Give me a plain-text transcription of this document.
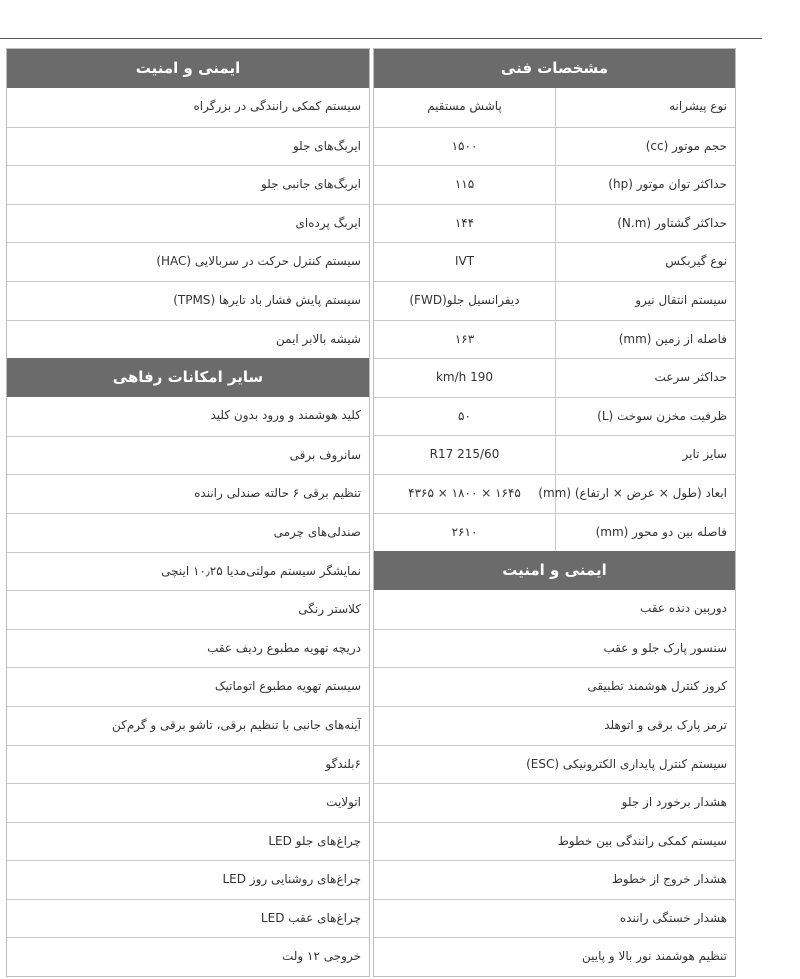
مشخصات فنی
نوع پیشرانه
پاشش مستقیم
حجم موتور (cc)
۱۵۰۰
حداکثر توان موتور (hp)
۱۱۵
حداکثر گشتاور (N.m)
۱۴۴
نوع گیربکس
IVT
سیستم انتقال نیرو
دیفرانسیل جلو(FWD)
فاصله از زمین (mm)
۱۶۳
حداکثر سرعت
190 km/h
ظرفیت مخزن سوخت (L)
۵۰
سایز تایر
215/60 R17
ابعاد (طول × عرض × ارتفاع) (mm)
۱۶۴۵ × ۱۸۰۰ × ۴۳۶۵
فاصله بین دو محور (mm)
۲۶۱۰
ایمنی و امنیت
دوربین دنده عقب
سنسور پارک جلو و عقب
کروز کنترل هوشمند تطبیقی
ترمز پارک برقی و اتوهلد
سیستم کنترل پایداری الکترونیکی (ESC)
هشدار برخورد از جلو
سیستم کمکی رانندگی بین خطوط
هشدار خروج از خطوط
هشدار خستگی راننده
تنظیم هوشمند نور بالا و پایین
ایمنی و امنیت
سیستم کمکی رانندگی در بزرگراه
ایربگ‌های جلو
ایربگ‌های جانبی جلو
ایربگ پرده‌ای
سیستم کنترل حرکت در سربالایی (HAC)
سیستم پایش فشار باد تایرها (TPMS)
شیشه بالابر ایمن
سایر امکانات رفاهی
کلید هوشمند و ورود بدون کلید
سانروف برقی
تنظیم برقی ۶ حالته صندلی راننده
صندلی‌های چرمی
نمایشگر سیستم مولتی‌مدیا ۱۰٫۲۵ اینچی
کلاستر رنگی
دریچه تهویه مطبوع ردیف عقب
سیستم تهویه مطبوع اتوماتیک
آینه‌های جانبی با تنظیم برقی، تاشو برقی و گرم‌کن
۶بلندگو
اتولایت
چراغ‌های جلو LED
چراغ‌های روشنایی روز LED
چراغ‌های عقب LED
خروجی ۱۲ ولت
